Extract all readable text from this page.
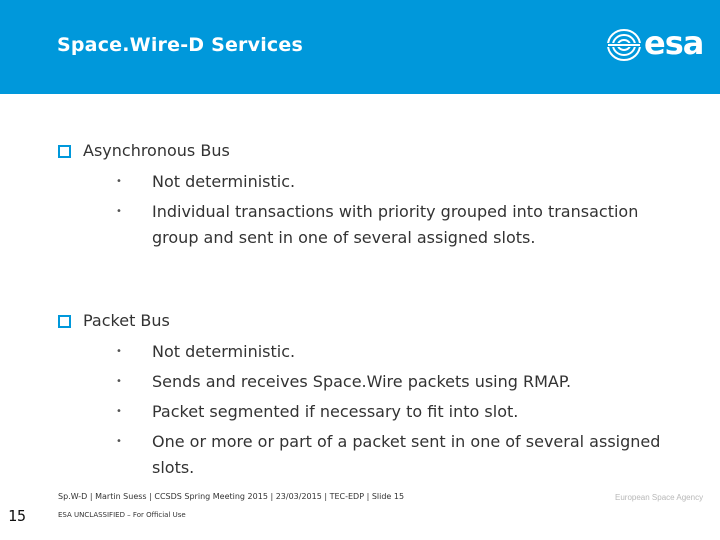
Space.Wire-D Services	esa
Asynchronous Bus
• Not deterministic.
• Individual transactions with priority grouped into transaction group and sent in one of several assigned slots.
Packet Bus
• Not deterministic.
• Sends and receives Space.Wire packets using RMAP.
• Packet segmented if necessary to fit into slot.
• One or more or part of a packet sent in one of several assigned slots.
15
Sp.W-D | Martin Suess | CCSDS Spring Meeting 2015 | 23/03/2015 | TEC-EDP | Slide 15
ESA UNCLASSIFIED – For Official Use
European Space Agency
